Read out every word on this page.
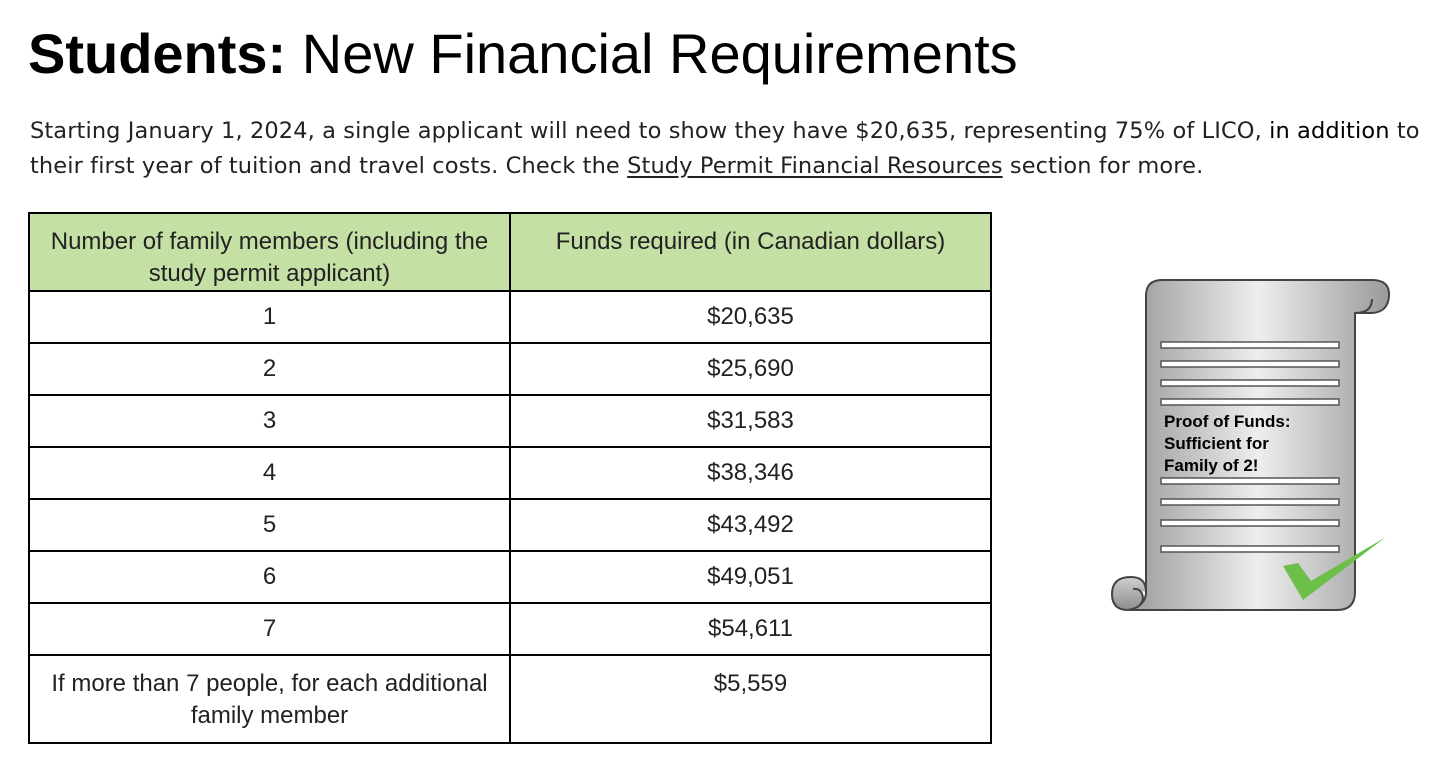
Students: New Financial Requirements

Starting January 1, 2024, a single applicant will need to show they have $20,635, representing 75% of LICO, in addition to their first year of tuition and travel costs. Check the Study Permit Financial Resources section for more.

Number of family members (including the study permit applicant)	Funds required (in Canadian dollars)
1	$20,635
2	$25,690
3	$31,583
4	$38,346
5	$43,492
6	$49,051
7	$54,611
If more than 7 people, for each additional family member	$5,559
Proof of Funds:
Sufficient for
Family of 2!
